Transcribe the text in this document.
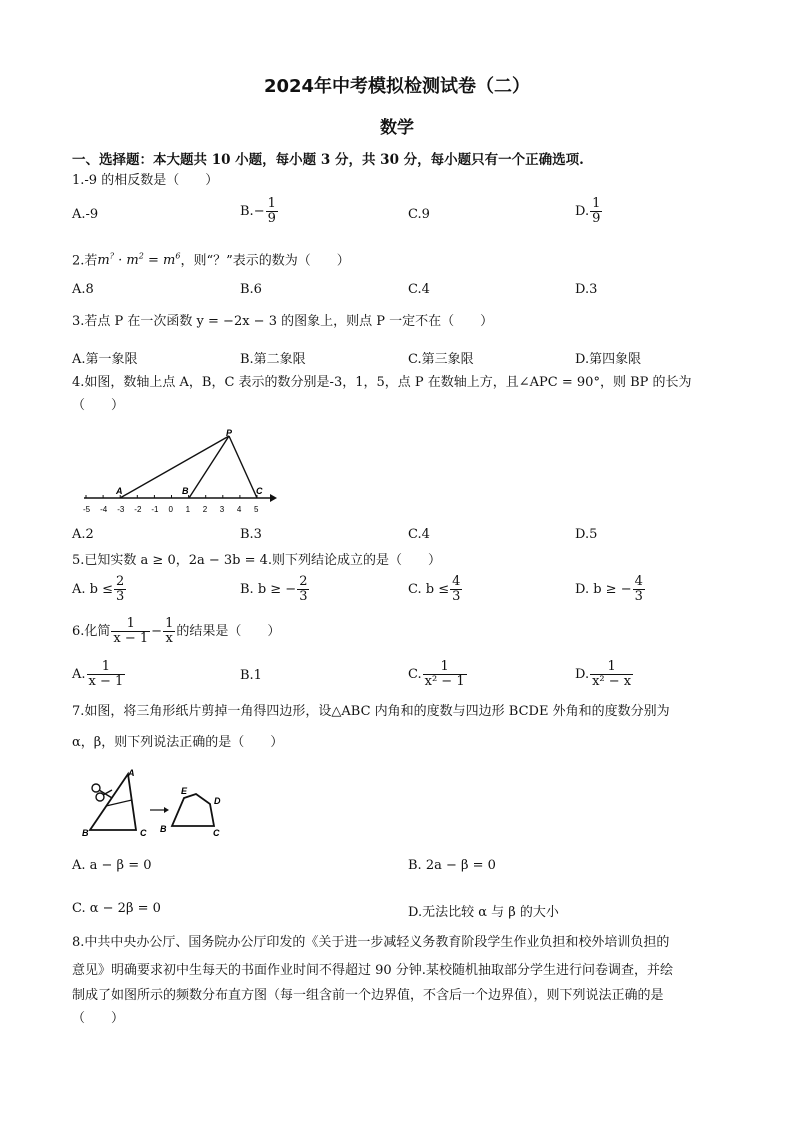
2024年中考模拟检测试卷（二）
数学
一、选择题：本大题共 10 小题，每小题 3 分，共 30 分，每小题只有一个正确选项.
1.-9 的相反数是（　　）
A.-9	$B.- \frac{1}{9}$	C.9	D. $\frac{1}{9}$
2.若$m^? \cdot m^2 = m^6$，则“？”表示的数为（　　）
A.8	B.6	C.4	D.3
3.若点 P 在一次函数 y = −2x − 3 的图象上，则点 P 一定不在（　　）
A.第一象限	B.第二象限	C.第三象限	D.第四象限
4.如图，数轴上点 A，B，C 表示的数分别是-3，1，5，点 P 在数轴上方，且∠APC = 90°，则 BP 的长为
（　　）
-5 -4 -3 -2 -1 0 1 2 3 4 5
A	B	C
P
A.2	B.3	C.4	D.5
5.已知实数 a ≥ 0，2a − 3b = 4.则下列结论成立的是（　　）
A. $b \le \frac{2}{3}$	B. b ≥ − $\frac{2}{3}$	C. $b \le \frac{4}{3}$	D. b ≥ − $\frac{4}{3}$
6.化简 $\frac{1}{x - 1} - \frac{1}{x}$ 的结果是（　　）
A. $\frac{1}{x - 1}$	B.1	C. $\frac{1}{\text{x² − 1}}$	D. $\frac{1}{\text{x² − x}}$
7.如图，将三角形纸片剪掉一角得四边形，设△ABC 内角和的度数与四边形 BCDE 外角和的度数分别为
α，β，则下列说法正确的是（　　）
A
B	C
E
D
B	C
A. a − β = 0	B. 2a − β = 0
C. α − 2β = 0	D.无法比较 α 与 β 的大小
8.中共中央办公厅、国务院办公厅印发的《关于进一步减轻义务教育阶段学生作业负担和校外培训负担的
意见》明确要求初中生每天的书面作业时间不得超过 90 分钟.某校随机抽取部分学生进行问卷调查，并绘
制成了如图所示的频数分布直方图（每一组含前一个边界值，不含后一个边界值），则下列说法正确的是
（　　）
